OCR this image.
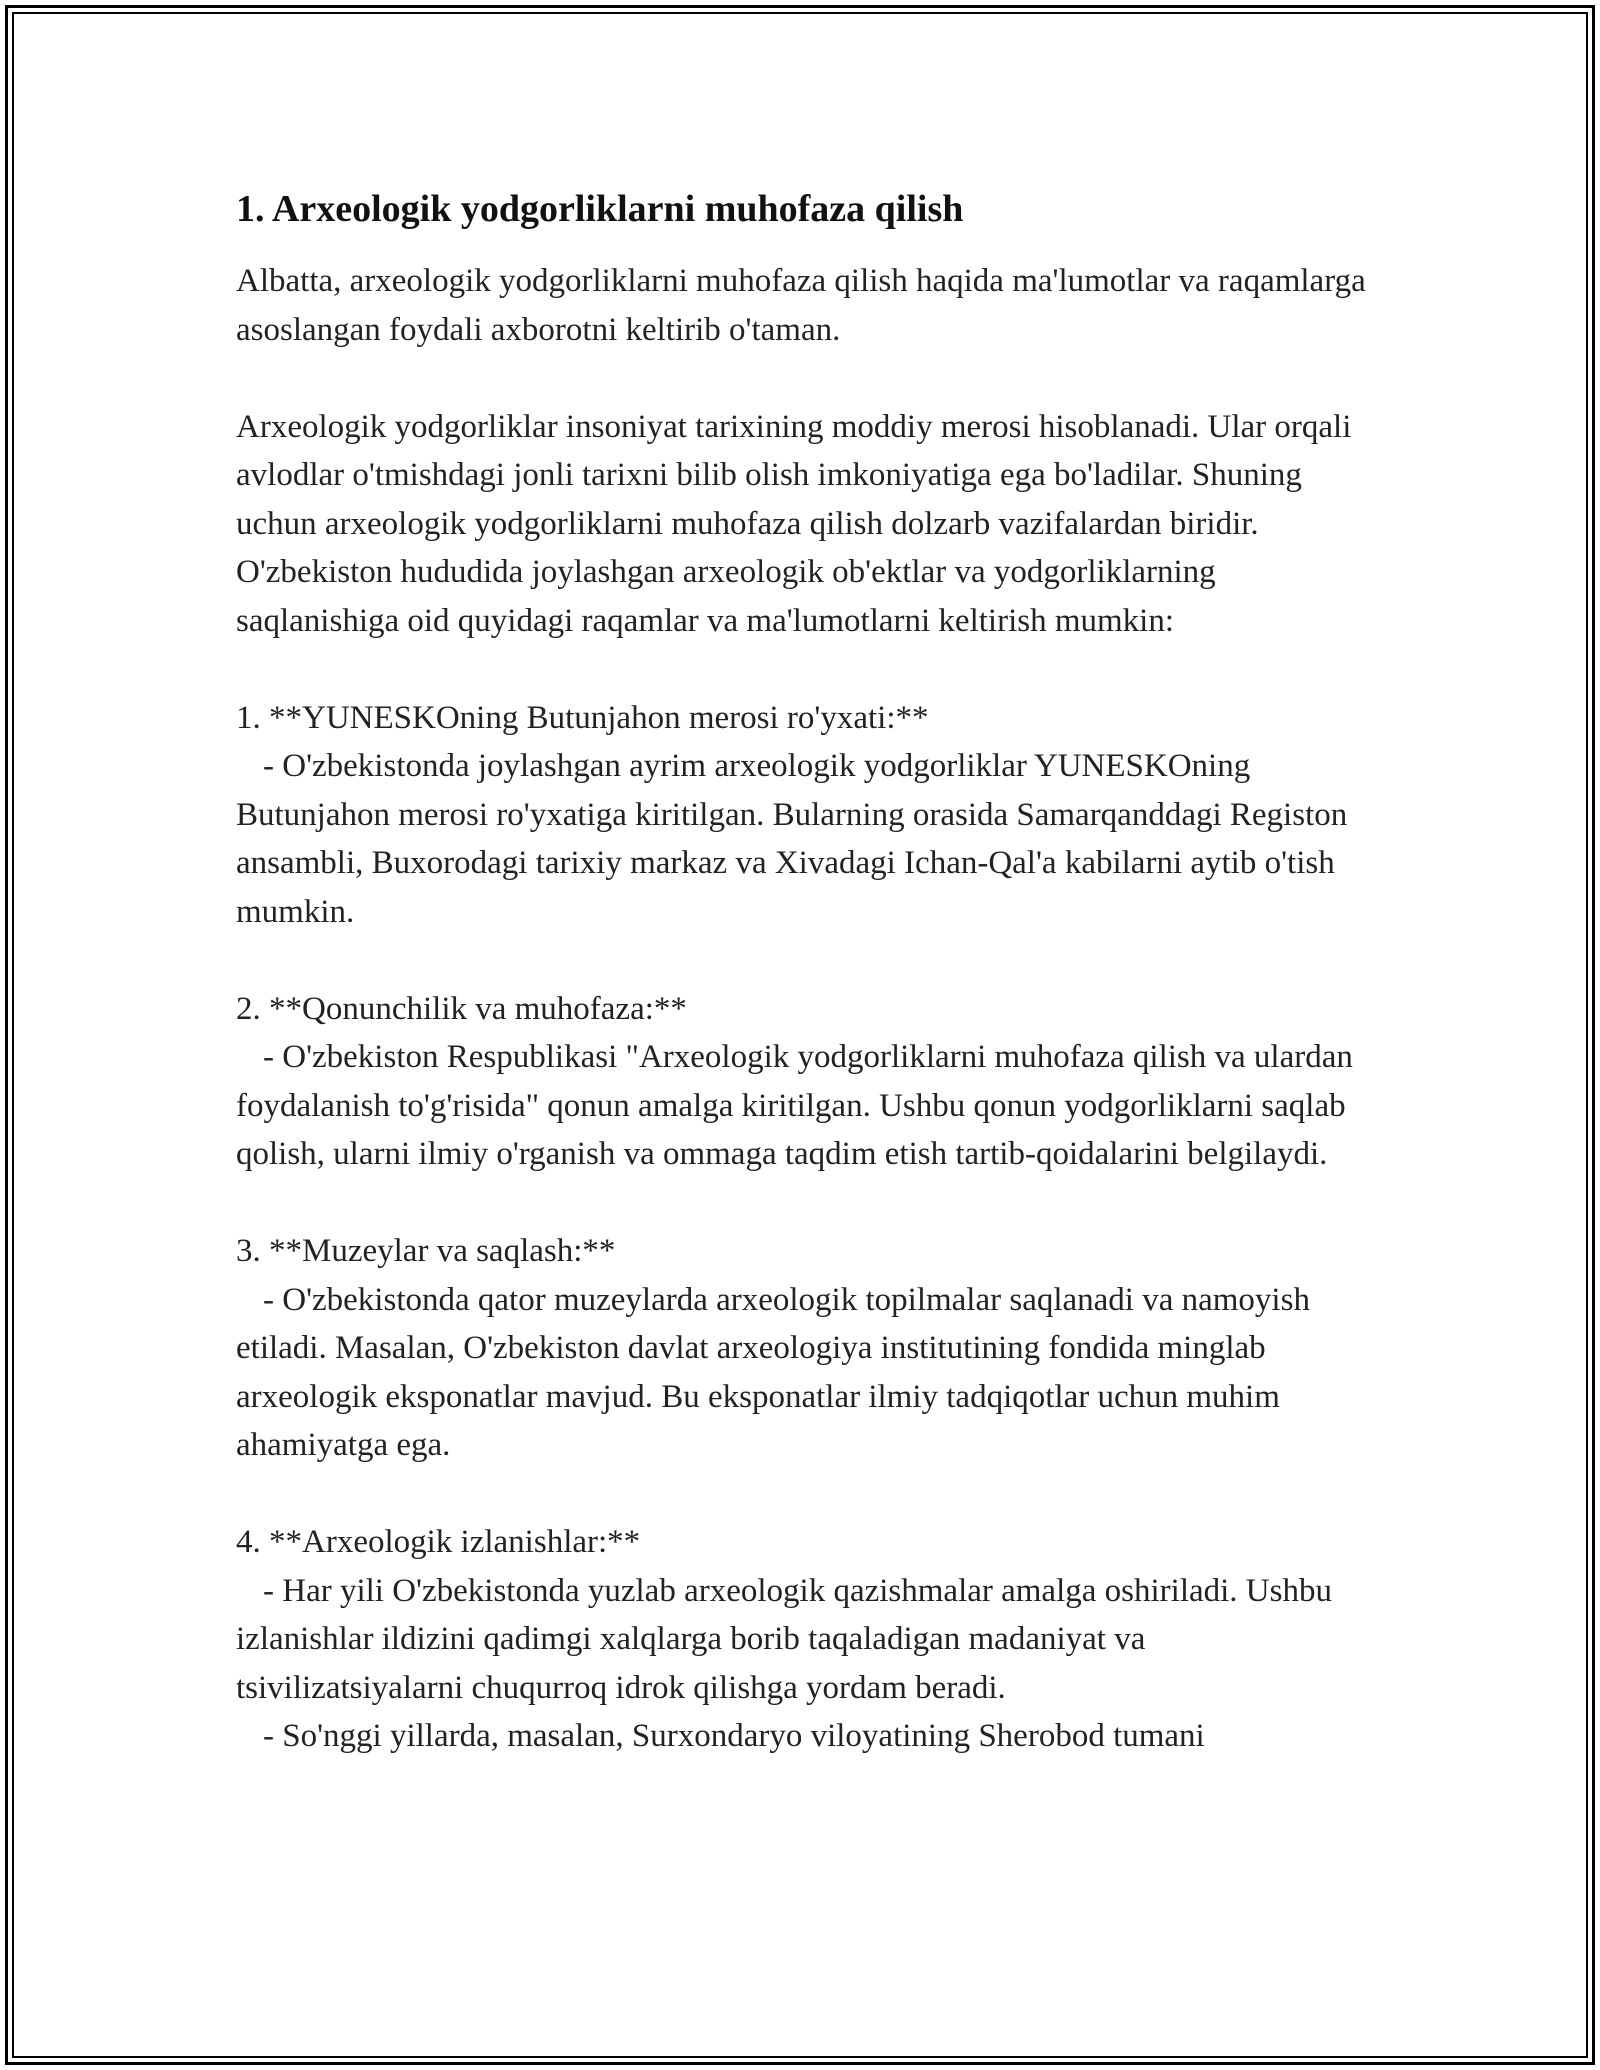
1. Arxeologik yodgorliklarni muhofaza qilish

Albatta, arxeologik yodgorliklarni muhofaza qilish haqida ma'lumotlar va raqamlarga asoslangan foydali axborotni keltirib o'taman.

Arxeologik yodgorliklar insoniyat tarixining moddiy merosi hisoblanadi. Ular orqali avlodlar o'tmishdagi jonli tarixni bilib olish imkoniyatiga ega bo'ladilar. Shuning uchun arxeologik yodgorliklarni muhofaza qilish dolzarb vazifalardan biridir. O'zbekiston hududida joylashgan arxeologik ob'ektlar va yodgorliklarning saqlanishiga oid quyidagi raqamlar va ma'lumotlarni keltirish mumkin:

1. **YUNESKOning Butunjahon merosi ro'yxati:**

- O'zbekistonda joylashgan ayrim arxeologik yodgorliklar YUNESKOning Butunjahon merosi ro'yxatiga kiritilgan. Bularning orasida Samarqanddagi Registon ansambli, Buxorodagi tarixiy markaz va Xivadagi Ichan-Qal'a kabilarni aytib o'tish mumkin.

2. **Qonunchilik va muhofaza:**

- O'zbekiston Respublikasi "Arxeologik yodgorliklarni muhofaza qilish va ulardan foydalanish to'g'risida" qonun amalga kiritilgan. Ushbu qonun yodgorliklarni saqlab qolish, ularni ilmiy o'rganish va ommaga taqdim etish tartib-qoidalarini belgilaydi.

3. **Muzeylar va saqlash:**

- O'zbekistonda qator muzeylarda arxeologik topilmalar saqlanadi va namoyish etiladi. Masalan, O'zbekiston davlat arxeologiya institutining fondida minglab arxeologik eksponatlar mavjud. Bu eksponatlar ilmiy tadqiqotlar uchun muhim ahamiyatga ega.

4. **Arxeologik izlanishlar:**

- Har yili O'zbekistonda yuzlab arxeologik qazishmalar amalga oshiriladi. Ushbu izlanishlar ildizini qadimgi xalqlarga borib taqaladigan madaniyat va tsivilizatsiyalarni chuqurroq idrok qilishga yordam beradi.

- So'nggi yillarda, masalan, Surxondaryo viloyatining Sherobod tumani
